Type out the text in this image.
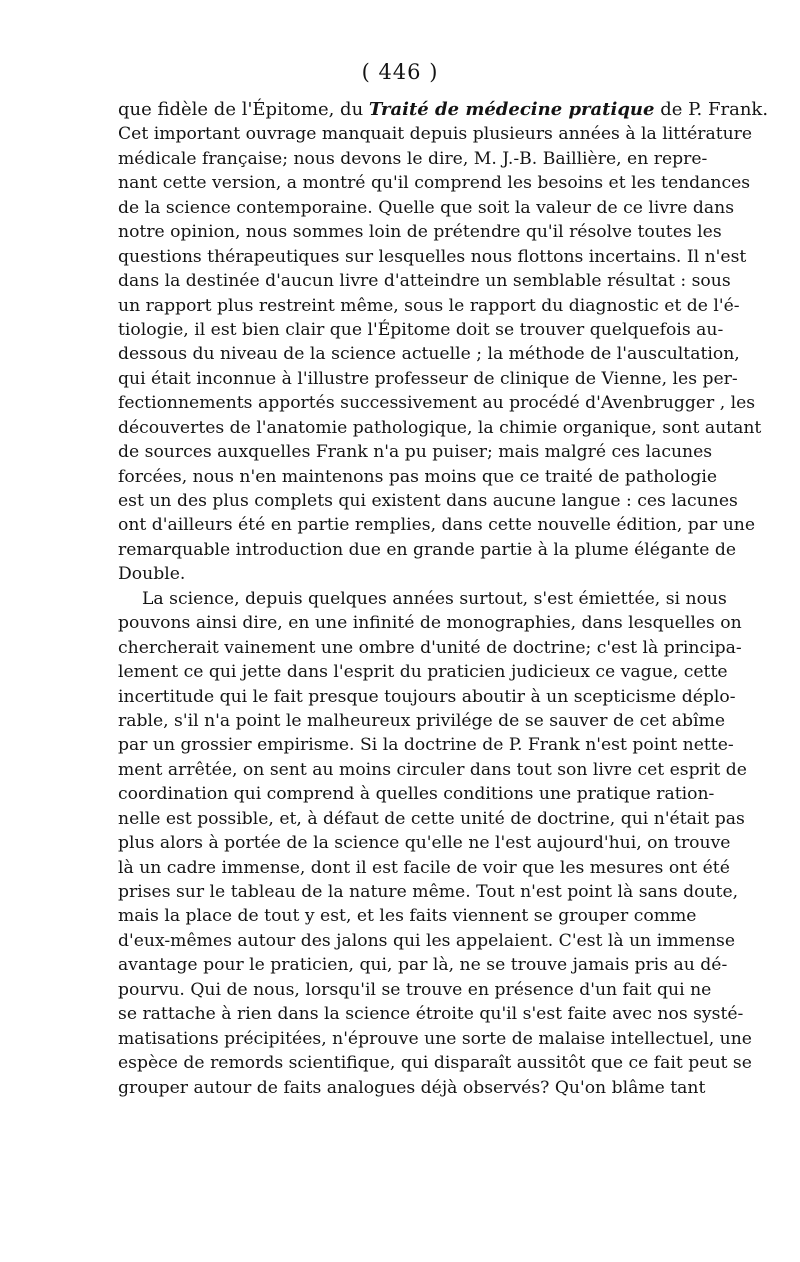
( 446 )
que fidèle de l'Épitome, du Traité de médecine pratique de P. Frank.
Cet important ouvrage manquait depuis plusieurs années à la littérature
médicale française; nous devons le dire, M. J.-B. Baillière, en repre-
nant cette version, a montré qu'il comprend les besoins et les tendances
de la science contemporaine. Quelle que soit la valeur de ce livre dans
notre opinion, nous sommes loin de prétendre qu'il résolve toutes les
questions thérapeutiques sur lesquelles nous flottons incertains. Il n'est
dans la destinée d'aucun livre d'atteindre un semblable résultat : sous
un rapport plus restreint même, sous le rapport du diagnostic et de l'é-
tiologie, il est bien clair que l'Épitome doit se trouver quelquefois au-
dessous du niveau de la science actuelle ; la méthode de l'auscultation,
qui était inconnue à l'illustre professeur de clinique de Vienne, les per-
fectionnements apportés successivement au procédé d'Avenbrugger , les
découvertes de l'anatomie pathologique, la chimie organique, sont autant
de sources auxquelles Frank n'a pu puiser; mais malgré ces lacunes
forcées, nous n'en maintenons pas moins que ce traité de pathologie
est un des plus complets qui existent dans aucune langue : ces lacunes
ont d'ailleurs été en partie remplies, dans cette nouvelle édition, par une
remarquable introduction due en grande partie à la plume élégante de
Double.
La science, depuis quelques années surtout, s'est émiettée, si nous
pouvons ainsi dire, en une infinité de monographies, dans lesquelles on
chercherait vainement une ombre d'unité de doctrine; c'est là principa-
lement ce qui jette dans l'esprit du praticien judicieux ce vague, cette
incertitude qui le fait presque toujours aboutir à un scepticisme déplo-
rable, s'il n'a point le malheureux privilége de se sauver de cet abîme
par un grossier empirisme. Si la doctrine de P. Frank n'est point nette-
ment arrêtée, on sent au moins circuler dans tout son livre cet esprit de
coordination qui comprend à quelles conditions une pratique ration-
nelle est possible, et, à défaut de cette unité de doctrine, qui n'était pas
plus alors à portée de la science qu'elle ne l'est aujourd'hui, on trouve
là un cadre immense, dont il est facile de voir que les mesures ont été
prises sur le tableau de la nature même. Tout n'est point là sans doute,
mais la place de tout y est, et les faits viennent se grouper comme
d'eux-mêmes autour des jalons qui les appelaient. C'est là un immense
avantage pour le praticien, qui, par là, ne se trouve jamais pris au dé-
pourvu. Qui de nous, lorsqu'il se trouve en présence d'un fait qui ne
se rattache à rien dans la science étroite qu'il s'est faite avec nos systé-
matisations précipitées, n'éprouve une sorte de malaise intellectuel, une
espèce de remords scientifique, qui disparaît aussitôt que ce fait peut se
grouper autour de faits analogues déjà observés? Qu'on blâme tant
